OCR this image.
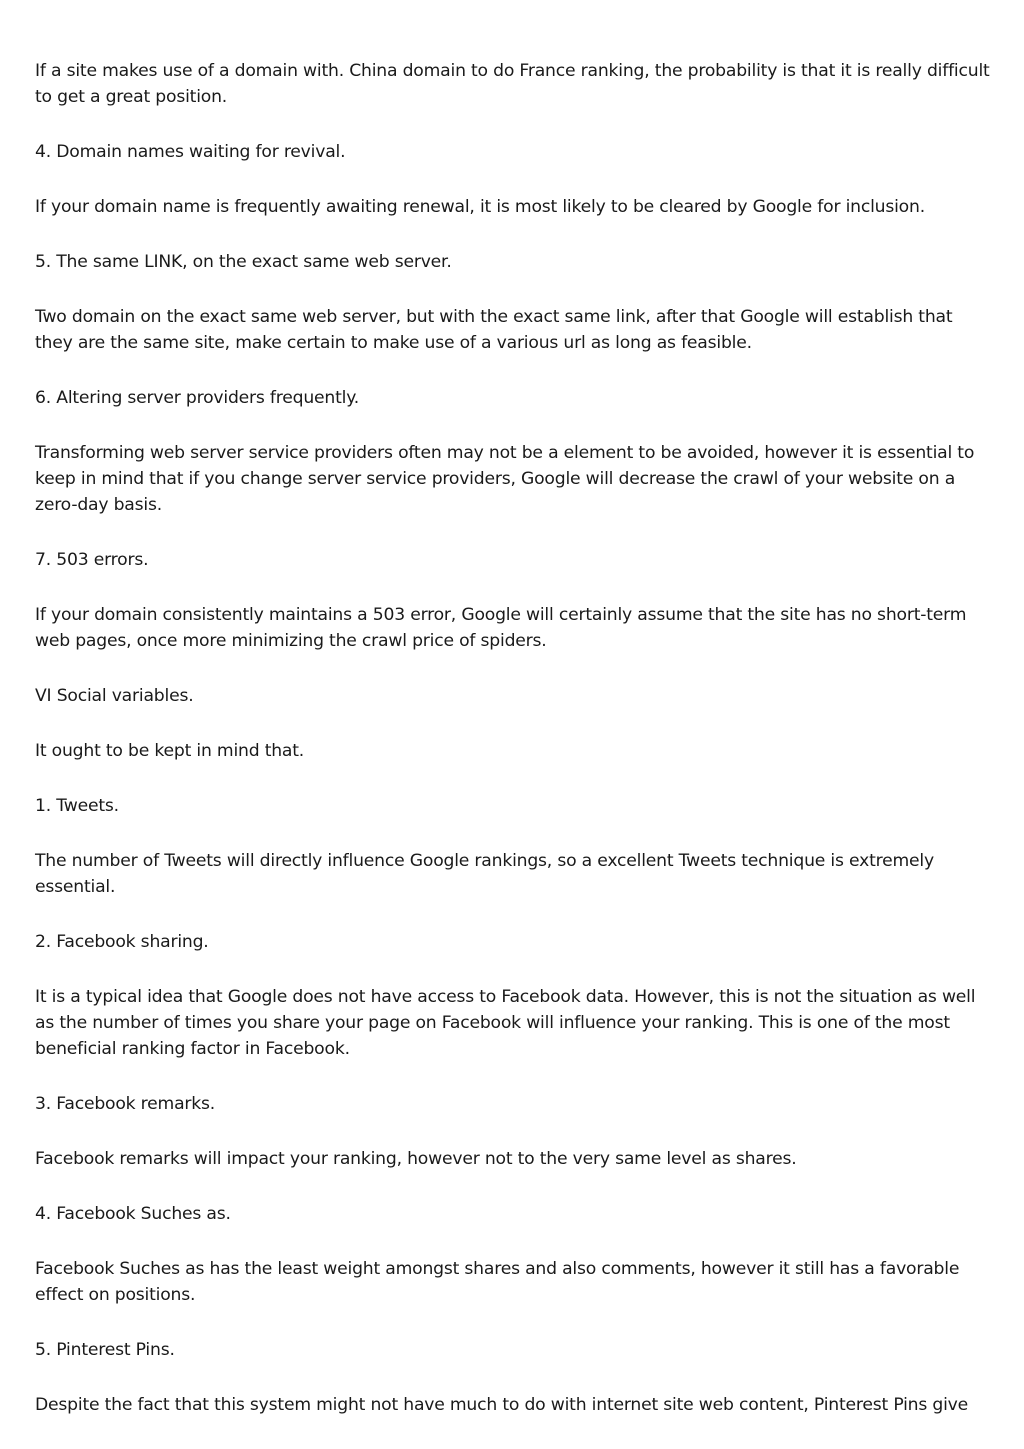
If a site makes use of a domain with. China domain to do France ranking, the probability is that it is really difficult to get a great position.

4. Domain names waiting for revival.

If your domain name is frequently awaiting renewal, it is most likely to be cleared by Google for inclusion.

5. The same LINK, on the exact same web server.

Two domain on the exact same web server, but with the exact same link, after that Google will establish that they are the same site, make certain to make use of a various url as long as feasible.

6. Altering server providers frequently.

Transforming web server service providers often may not be a element to be avoided, however it is essential to keep in mind that if you change server service providers, Google will decrease the crawl of your website on a zero-day basis.

7. 503 errors.

If your domain consistently maintains a 503 error, Google will certainly assume that the site has no short-term web pages, once more minimizing the crawl price of spiders.

VI Social variables.

It ought to be kept in mind that.

1. Tweets.

The number of Tweets will directly influence Google rankings, so a excellent Tweets technique is extremely essential.

2. Facebook sharing.

It is a typical idea that Google does not have access to Facebook data. However, this is not the situation as well as the number of times you share your page on Facebook will influence your ranking. This is one of the most beneficial ranking factor in Facebook.

3. Facebook remarks.

Facebook remarks will impact your ranking, however not to the very same level as shares.

4. Facebook Suches as.

Facebook Suches as has the least weight amongst shares and also comments, however it still has a favorable effect on positions.

5. Pinterest Pins.

Despite the fact that this system might not have much to do with internet site web content, Pinterest Pins give
